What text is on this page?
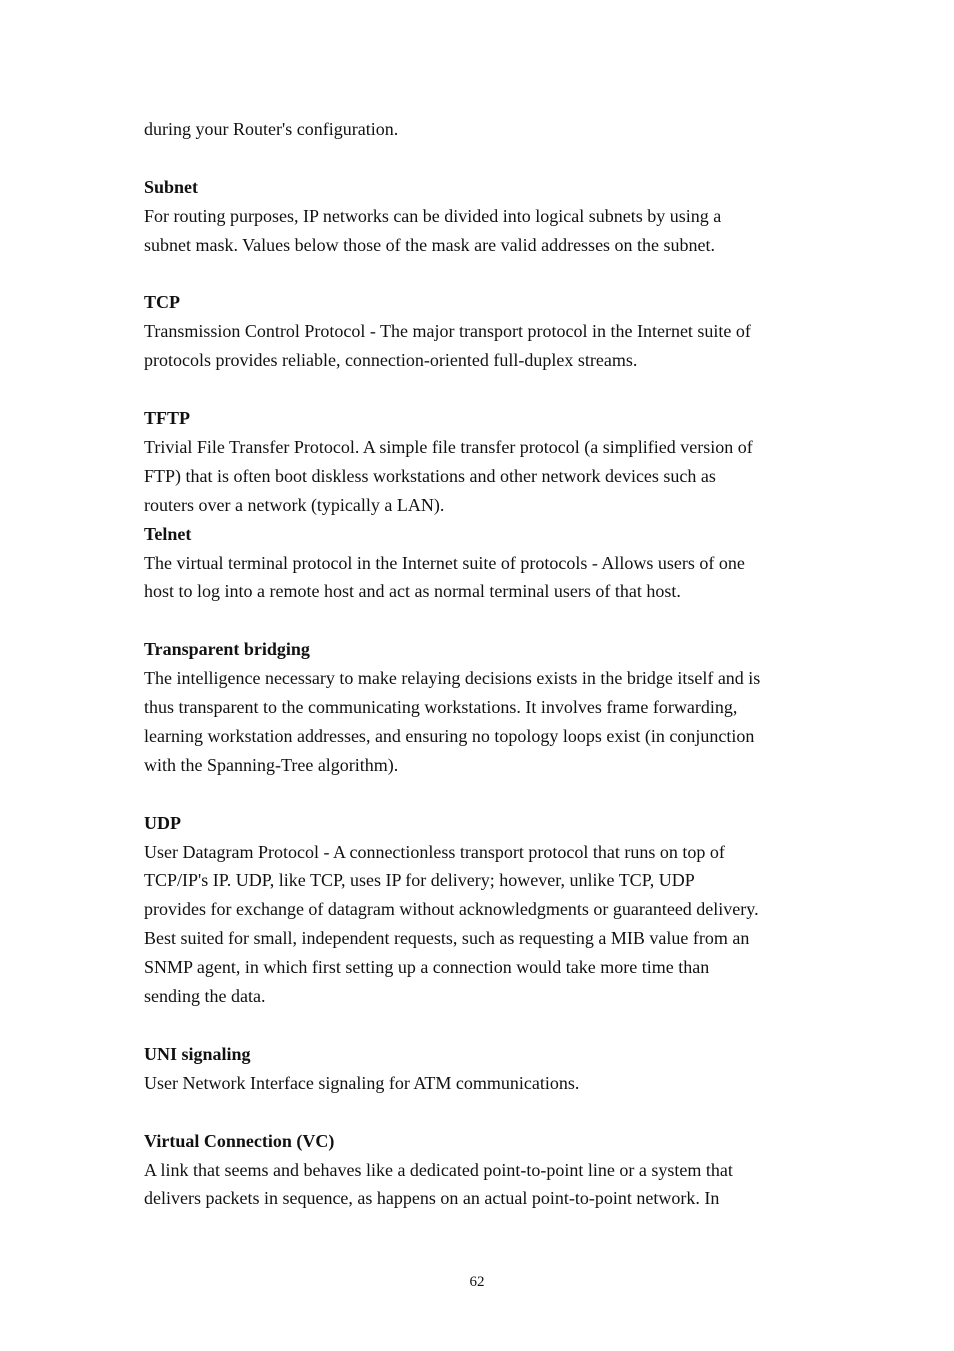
during your Router's configuration.
Subnet
For routing purposes, IP networks can be divided into logical subnets by using a
subnet mask. Values below those of the mask are valid addresses on the subnet.
TCP
Transmission Control Protocol - The major transport protocol in the Internet suite of
protocols provides reliable, connection-oriented full-duplex streams.
TFTP
Trivial File Transfer Protocol. A simple file transfer protocol (a simplified version of
FTP) that is often boot diskless workstations and other network devices such as
routers over a network (typically a LAN).
Telnet
The virtual terminal protocol in the Internet suite of protocols - Allows users of one
host to log into a remote host and act as normal terminal users of that host.
Transparent bridging
The intelligence necessary to make relaying decisions exists in the bridge itself and is
thus transparent to the communicating workstations. It involves frame forwarding,
learning workstation addresses, and ensuring no topology loops exist (in conjunction
with the Spanning-Tree algorithm).
UDP
User Datagram Protocol - A connectionless transport protocol that runs on top of
TCP/IP's IP. UDP, like TCP, uses IP for delivery; however, unlike TCP, UDP
provides for exchange of datagram without acknowledgments or guaranteed delivery.
Best suited for small, independent requests, such as requesting a MIB value from an
SNMP agent, in which first setting up a connection would take more time than
sending the data.
UNI signaling
User Network Interface signaling for ATM communications.
Virtual Connection (VC)
A link that seems and behaves like a dedicated point-to-point line or a system that
delivers packets in sequence, as happens on an actual point-to-point network. In
62
